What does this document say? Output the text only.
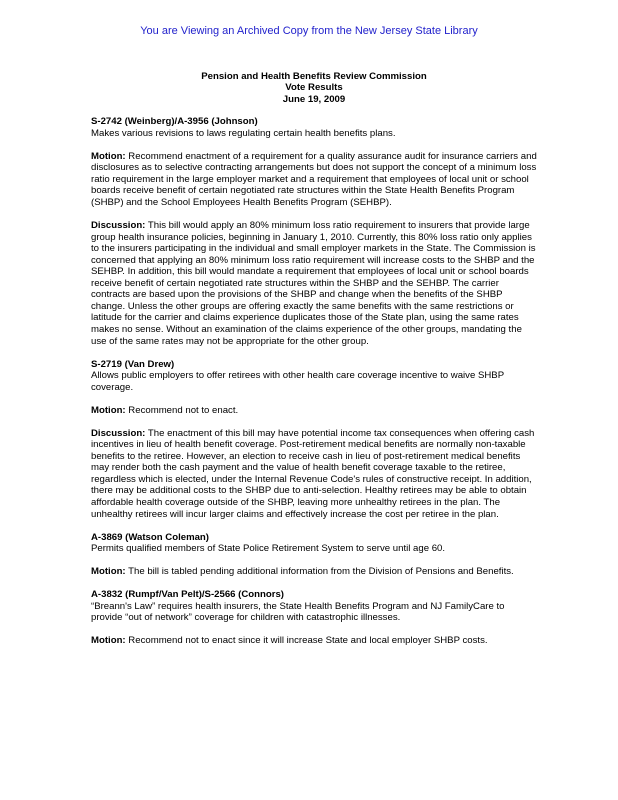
You are Viewing an Archived Copy from the New Jersey State Library
Pension and Health Benefits Review Commission
Vote Results
June 19, 2009
S-2742 (Weinberg)/A-3956 (Johnson)
Makes various revisions to laws regulating certain health benefits plans.

Motion: Recommend enactment of a requirement for a quality assurance audit for insurance carriers and disclosures as to selective contracting arrangements but does not support the concept of a minimum loss ratio requirement in the large employer market and a requirement that employees of local unit or school boards receive benefit of certain negotiated rate structures within the State Health Benefits Program (SHBP) and the School Employees Health Benefits Program (SEHBP).

Discussion: This bill would apply an 80% minimum loss ratio requirement to insurers that provide large group health insurance policies, beginning in January 1, 2010. Currently, this 80% loss ratio only applies to the insurers participating in the individual and small employer markets in the State. The Commission is concerned that applying an 80% minimum loss ratio requirement will increase costs to the SHBP and the SEHBP. In addition, this bill would mandate a requirement that employees of local unit or school boards receive benefit of certain negotiated rate structures within the SHBP and the SEHBP. The carrier contracts are based upon the provisions of the SHBP and change when the benefits of the SHBP change. Unless the other groups are offering exactly the same benefits with the same restrictions or latitude for the carrier and claims experience duplicates those of the State plan, using the same rates makes no sense. Without an examination of the claims experience of the other groups, mandating the use of the same rates may not be appropriate for the other group.

S-2719 (Van Drew)
Allows public employers to offer retirees with other health care coverage incentive to waive SHBP coverage.

Motion: Recommend not to enact.

Discussion: The enactment of this bill may have potential income tax consequences when offering cash incentives in lieu of health benefit coverage. Post-retirement medical benefits are normally non-taxable benefits to the retiree. However, an election to receive cash in lieu of post-retirement medical benefits may render both the cash payment and the value of health benefit coverage taxable to the retiree, regardless which is elected, under the Internal Revenue Code's rules of constructive receipt. In addition, there may be additional costs to the SHBP due to anti-selection. Healthy retirees may be able to obtain affordable health coverage outside of the SHBP, leaving more unhealthy retirees in the plan. The unhealthy retirees will incur larger claims and effectively increase the cost per retiree in the plan.

A-3869 (Watson Coleman)
Permits qualified members of State Police Retirement System to serve until age 60.

Motion: The bill is tabled pending additional information from the Division of Pensions and Benefits.

A-3832 (Rumpf/Van Pelt)/S-2566 (Connors)
“Breann's Law” requires health insurers, the State Health Benefits Program and NJ FamilyCare to provide “out of network” coverage for children with catastrophic illnesses.

Motion: Recommend not to enact since it will increase State and local employer SHBP costs.
